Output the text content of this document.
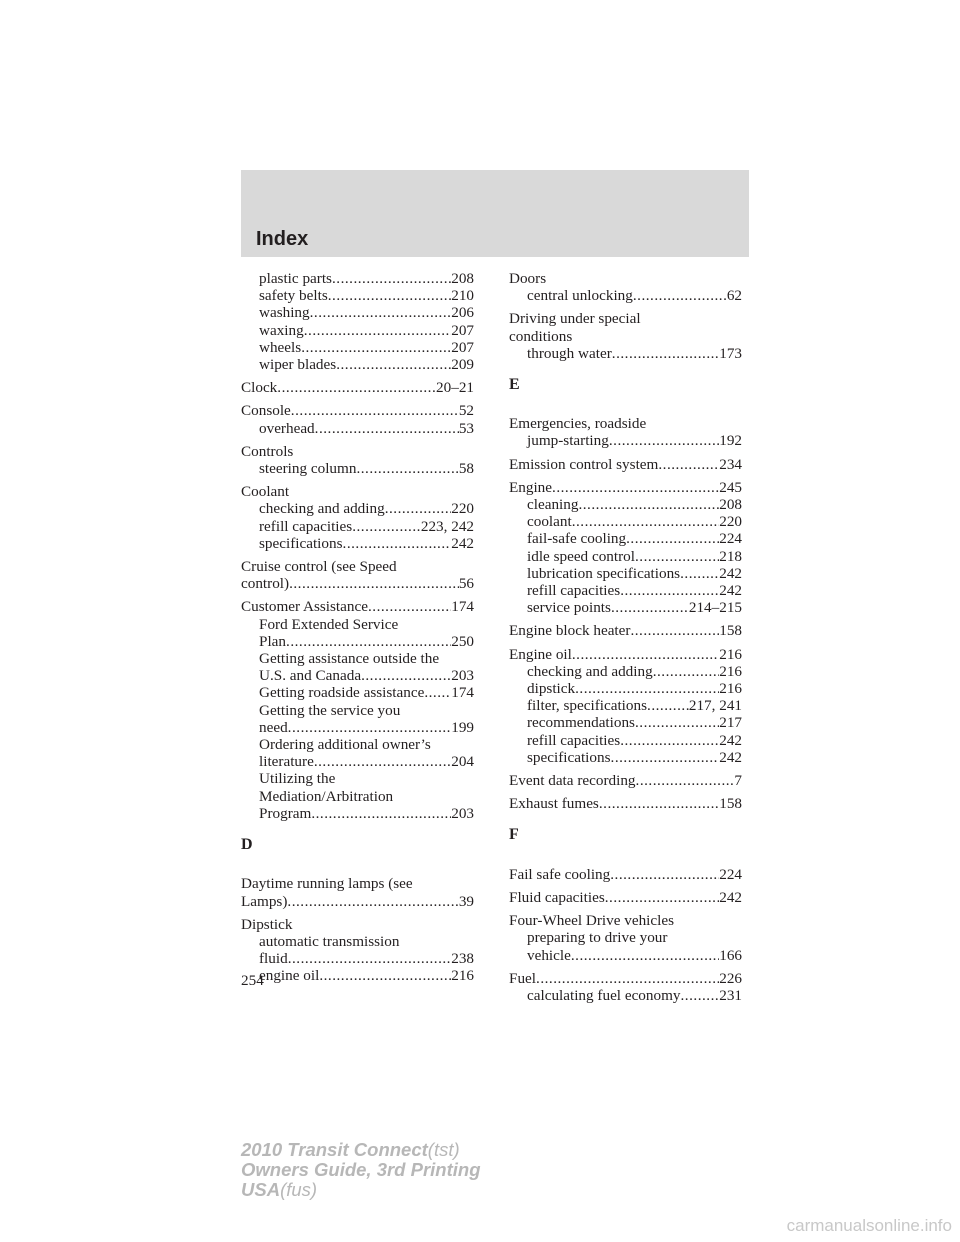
Index
plastic parts .....	208
safety belts .....	210
washing .....	206
waxing .....	207
wheels .....	207
wiper blades .....	209
Clock .....	20–21
Console .....	52
overhead .....	53
Controls
steering column .....	58
Coolant
checking and adding .....	220
refill capacities .....	223, 242
specifications .....	242
Cruise control (see Speed
control) .....	56
Customer Assistance .....	174
Ford Extended Service
Plan .....	250
Getting assistance outside the
U.S. and Canada .....	203
Getting roadside assistance ..... 174
Getting the service you
need .....	199
Ordering additional owner’s
literature .....	204
Utilizing the
Mediation/Arbitration
Program .....	203
D
Daytime running lamps (see
Lamps) .....	39
Dipstick
automatic transmission
fluid .....	238
engine oil .....	216
Doors
central unlocking .....	62
Driving under special
conditions
through water .....	173
E
Emergencies, roadside
jump-starting .....	192
Emission control system .....	234
Engine .....	245
cleaning .....	208
coolant .....	220
fail-safe cooling .....	224
idle speed control .....	218
lubrication specifications .....	242
refill capacities .....	242
service points .....	214–215
Engine block heater .....	158
Engine oil .....	216
checking and adding .....	216
dipstick .....	216
filter, specifications .....	217, 241
recommendations .....	217
refill capacities .....	242
specifications .....	242
Event data recording .....	7
Exhaust fumes .....	158
F
Fail safe cooling .....	224
Fluid capacities .....	242
Four-Wheel Drive vehicles
preparing to drive your
vehicle .....	166
Fuel .....	226
calculating fuel economy .....	231
254
2010 Transit Connect(tst)
Owners Guide, 3rd Printing
USA(fus)
carmanualsonline.info
